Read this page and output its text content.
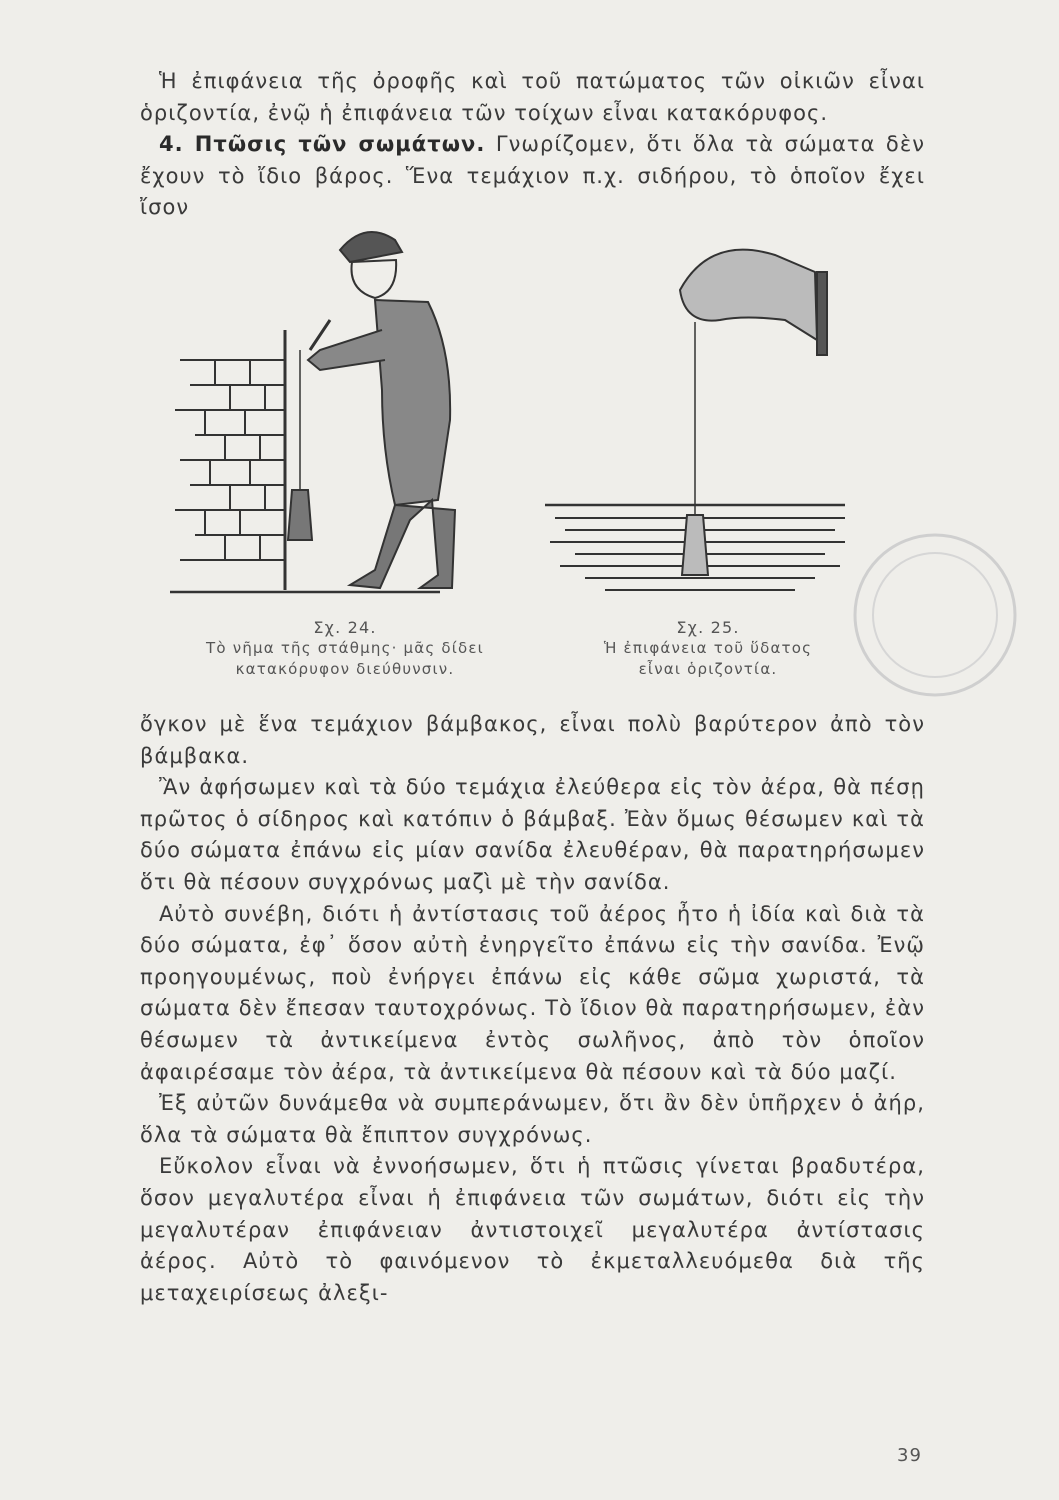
Ἡ ἐπιφάνεια τῆς ὀροφῆς καὶ τοῦ πατώματος τῶν οἰκιῶν εἶναι ὁριζοντία, ἐνῷ ἡ ἐπιφάνεια τῶν τοίχων εἶναι κατακόρυφος.

4. Πτῶσις τῶν σωμάτων. Γνωρίζομεν, ὅτι ὅλα τὰ σώματα δὲν ἔχουν τὸ ἴδιο βάρος. Ἕνα τεμάχιον π.χ. σιδήρου, τὸ ὁποῖον ἔχει ἴσον

Σχ. 24.
Τὸ νῆμα τῆς στάθμης· μᾶς δίδει
κατακόρυφον διεύθυνσιν.
Σχ. 25.
Ἡ ἐπιφάνεια τοῦ ὕδατος
εἶναι ὁριζοντία.

ὄγκον μὲ ἕνα τεμάχιον βάμβακος, εἶναι πολὺ βαρύτερον ἀπὸ τὸν βάμβακα.

Ἂν ἀφήσωμεν καὶ τὰ δύο τεμάχια ἐλεύθερα εἰς τὸν ἀέρα, θὰ πέσῃ πρῶτος ὁ σίδηρος καὶ κατόπιν ὁ βάμβαξ. Ἐὰν ὅμως θέσωμεν καὶ τὰ δύο σώματα ἐπάνω εἰς μίαν σανίδα ἐλευθέραν, θὰ παρατηρήσωμεν ὅτι θὰ πέσουν συγχρόνως μαζὶ μὲ τὴν σανίδα.

Αὐτὸ συνέβη, διότι ἡ ἀντίστασις τοῦ ἀέρος ἦτο ἡ ἰδία καὶ διὰ τὰ δύο σώματα, ἐφ᾽ ὅσον αὐτὴ ἐνηργεῖτο ἐπάνω εἰς τὴν σανίδα. Ἐνῷ προηγουμένως, ποὺ ἐνήργει ἐπάνω εἰς κάθε σῶμα χωριστά, τὰ σώματα δὲν ἔπεσαν ταυτοχρόνως. Τὸ ἴδιον θὰ παρατηρήσωμεν, ἐὰν θέσωμεν τὰ ἀντικείμενα ἐντὸς σωλῆνος, ἀπὸ τὸν ὁποῖον ἀφαιρέσαμε τὸν ἀέρα, τὰ ἀντικείμενα θὰ πέσουν καὶ τὰ δύο μαζί.

Ἐξ αὐτῶν δυνάμεθα νὰ συμπεράνωμεν, ὅτι ἂν δὲν ὑπῆρχεν ὁ ἀήρ, ὅλα τὰ σώματα θὰ ἔπιπτον συγχρόνως.

Εὔκολον εἶναι νὰ ἐννοήσωμεν, ὅτι ἡ πτῶσις γίνεται βραδυτέρα, ὅσον μεγαλυτέρα εἶναι ἡ ἐπιφάνεια τῶν σωμάτων, διότι εἰς τὴν μεγαλυτέραν ἐπιφάνειαν ἀντιστοιχεῖ μεγαλυτέρα ἀντίστασις ἀέρος. Αὐτὸ τὸ φαινόμενον τὸ ἐκμεταλλευόμεθα διὰ τῆς μεταχειρίσεως ἀλεξι-

39
